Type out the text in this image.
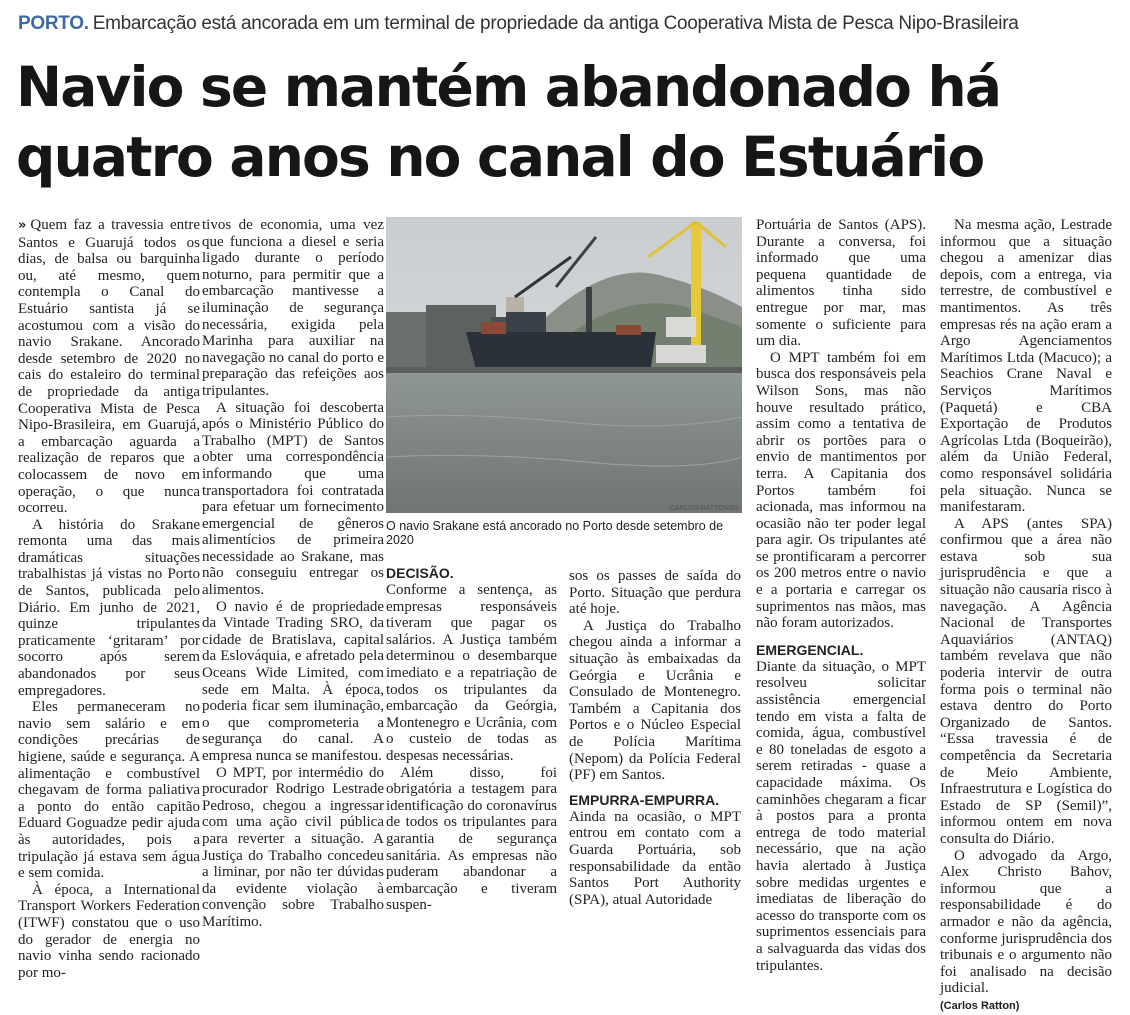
PORTO. Embarcação está ancorada em um terminal de propriedade da antiga Cooperativa Mista de Pesca Nipo-Brasileira
Navio se mantém abandonado há
quatro anos no canal do Estuário

» Quem faz a travessia entre Santos e Guarujá todos os dias, de balsa ou barquinha ou, até mesmo, quem contempla o Canal do Estuário santista já se acostumou com a visão do navio Srakane. Ancorado desde setembro de 2020 no cais do estaleiro do terminal de propriedade da antiga Cooperativa Mista de Pesca Nipo-Brasileira, em Guarujá, a embarcação aguarda a realização de reparos que a colocassem de novo em operação, o que nunca ocorreu.

A história do Srakane remonta uma das mais dramáticas situações trabalhistas já vistas no Porto de Santos, publicada pelo Diário. Em junho de 2021, quinze tripulantes praticamente ‘gritaram’ por socorro após serem abandonados por seus empregadores.

Eles permaneceram no navio sem salário e em condições precárias de higiene, saúde e segurança. A alimentação e combustível chegavam de forma paliativa a ponto do então capitão Eduard Goguadze pedir ajuda às autoridades, pois a tripulação já estava sem água e sem comida.

À época, a International Transport Workers Federation (ITWF) constatou que o uso do gerador de energia no navio vinha sendo racionado por mo-

tivos de economia, uma vez que funciona a diesel e seria ligado durante o período noturno, para permitir que a embarcação mantivesse a iluminação de segurança necessária, exigida pela Marinha para auxiliar na navegação no canal do porto e preparação das refeições aos tripulantes.

A situação foi descoberta após o Ministério Público do Trabalho (MPT) de Santos obter uma correspondência informando que uma transportadora foi contratada para efetuar um fornecimento emergencial de gêneros alimentícios de primeira necessidade ao Srakane, mas não conseguiu entregar os alimentos.

O navio é de propriedade da Vintade Trading SRO, da cidade de Bratislava, capital da Eslováquia, e afretado pela Oceans Wide Limited, com sede em Malta. À época, poderia ficar sem iluminação, o que comprometeria a segurança do canal. A empresa nunca se manifestou.

O MPT, por intermédio do procurador Rodrigo Lestrade Pedroso, chegou a ingressar com uma ação civil pública para reverter a situação. A Justiça do Trabalho concedeu a liminar, por não ter dúvidas da evidente violação à convenção sobre Trabalho Marítimo.

CARLOS RATTON/DL
O navio Srakane está ancorado no Porto desde setembro de 2020

DECISÃO.

Conforme a sentença, as empresas responsáveis tiveram que pagar os salários. A Justiça também determinou o desembarque imediato e a repatriação de todos os tripulantes da embarcação da Geórgia, Montenegro e Ucrânia, com o custeio de todas as despesas necessárias.

Além disso, foi obrigatória a testagem para identificação do coronavírus de todos os tripulantes para garantia de segurança sanitária. As empresas não puderam abandonar a embarcação e tiveram suspen-

sos os passes de saída do Porto. Situação que perdura até hoje.

A Justiça do Trabalho chegou ainda a informar a situação às embaixadas da Geórgia e Ucrânia e Consulado de Montenegro. Também a Capitania dos Portos e o Núcleo Especial de Polícia Marítima (Nepom) da Polícia Federal (PF) em Santos.

EMPURRA-EMPURRA.

Ainda na ocasião, o MPT entrou em contato com a Guarda Portuária, sob responsabilidade da então Santos Port Authority (SPA), atual Autoridade

Portuária de Santos (APS). Durante a conversa, foi informado que uma pequena quantidade de alimentos tinha sido entregue por mar, mas somente o suficiente para um dia.

O MPT também foi em busca dos responsáveis pela Wilson Sons, mas não houve resultado prático, assim como a tentativa de abrir os portões para o envio de mantimentos por terra. A Capitania dos Portos também foi acionada, mas informou na ocasião não ter poder legal para agir. Os tripulantes até se prontificaram a percorrer os 200 metros entre o navio e a portaria e carregar os suprimentos nas mãos, mas não foram autorizados.

EMERGENCIAL.

Diante da situação, o MPT resolveu solicitar assistência emergencial tendo em vista a falta de comida, água, combustível e 80 toneladas de esgoto a serem retiradas - quase a capacidade máxima. Os caminhões chegaram a ficar à postos para a pronta entrega de todo material necessário, que na ação havia alertado à Justiça sobre medidas urgentes e imediatas de liberação do acesso do transporte com os suprimentos essenciais para a salvaguarda das vidas dos tripulantes.

Na mesma ação, Lestrade informou que a situação chegou a amenizar dias depois, com a entrega, via terrestre, de combustível e mantimentos. As três empresas rés na ação eram a Argo Agenciamentos Marítimos Ltda (Macuco); a Seachios Crane Naval e Serviços Marítimos (Paquetá) e CBA Exportação de Produtos Agrícolas Ltda (Boqueirão), além da União Federal, como responsável solidária pela situação. Nunca se manifestaram.

A APS (antes SPA) confirmou que a área não estava sob sua jurisprudência e que a situação não causaria risco à navegação. A Agência Nacional de Transportes Aquaviários (ANTAQ) também revelava que não poderia intervir de outra forma pois o terminal não estava dentro do Porto Organizado de Santos. “Essa travessia é de competência da Secretaria de Meio Ambiente, Infraestrutura e Logística do Estado de SP (Semil)”, informou ontem em nova consulta do Diário.

O advogado da Argo, Alex Christo Bahov, informou que a responsabilidade é do armador e não da agência, conforme jurisprudência dos tribunais e o argumento não foi analisado na decisão judicial.

(Carlos Ratton)
